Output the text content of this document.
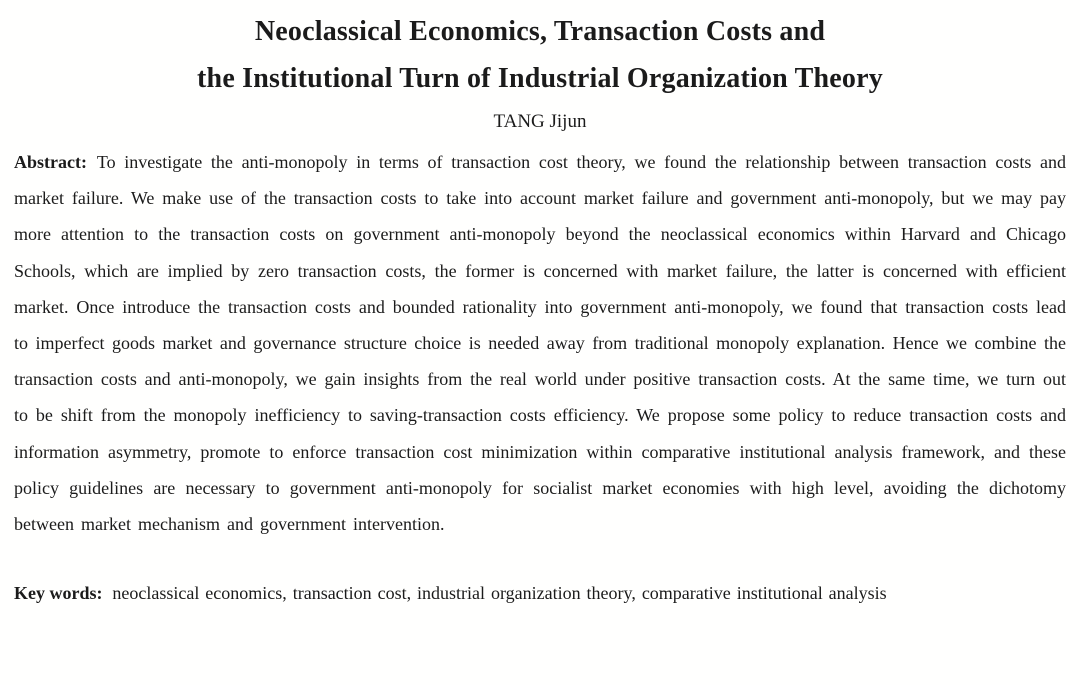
Neoclassical Economics, Transaction Costs and
the Institutional Turn of Industrial Organization Theory
TANG Jijun

Abstract: To investigate the anti-monopoly in terms of transaction cost theory, we found the relationship between transaction costs and market failure. We make use of the transaction costs to take into account market failure and government anti-monopoly, but we may pay more attention to the transaction costs on government anti-monopoly beyond the neoclassical economics within Harvard and Chicago Schools, which are implied by zero transaction costs, the former is concerned with market failure, the latter is concerned with efficient market. Once introduce the transaction costs and bounded rationality into government anti-monopoly, we found that transaction costs lead to imperfect goods market and governance structure choice is needed away from traditional monopoly explanation. Hence we combine the transaction costs and anti-monopoly, we gain insights from the real world under positive transaction costs. At the same time, we turn out to be shift from the monopoly inefficiency to saving-transaction costs efficiency. We propose some policy to reduce transaction costs and information asymmetry, promote to enforce transaction cost minimization within comparative institutional analysis framework, and these policy guidelines are necessary to government anti-monopoly for socialist market economies with high level, avoiding the dichotomy between market mechanism and government intervention.

Key words: neoclassical economics, transaction cost, industrial organization theory, comparative institutional analysis
